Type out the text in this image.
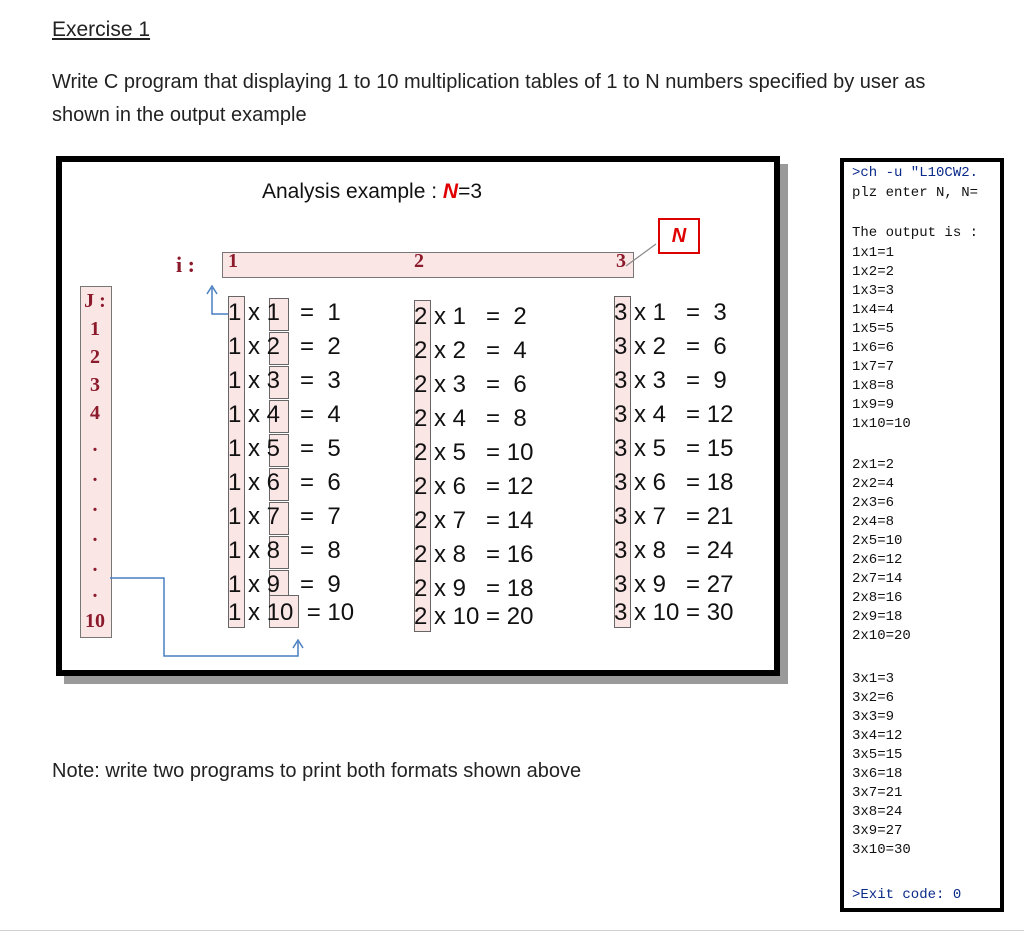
Exercise 1
Write C program that displaying 1 to 10 multiplication tables of 1 to N numbers specified by user as shown in the output example
Analysis example : N=3
N
i : 1	2	3
J :
1
2
3
4
.
.
.
.
.
.
10
1 x 1   =  1
1 x 2   =  2
1 x 3   =  3
1 x 4   =  4
1 x 5   =  5
1 x 6   =  6
1 x 7   =  7
1 x 8   =  8
1 x 9   =  9
1 x 10  = 10
2 x 1   =  2
2 x 2   =  4
2 x 3   =  6
2 x 4   =  8
2 x 5   = 10
2 x 6   = 12
2 x 7   = 14
2 x 8   = 16
2 x 9   = 18
2 x 10 = 20
3 x 1   =  3
3 x 2   =  6
3 x 3   =  9
3 x 4   = 12
3 x 5   = 15
3 x 6   = 18
3 x 7   = 21
3 x 8   = 24
3 x 9   = 27
3 x 10 = 30
Note: write two programs to print both formats shown above
>ch -u "L10CW2.
plz enter N, N=
The output is :
1x1=1
1x2=2
1x3=3
1x4=4
1x5=5
1x6=6
1x7=7
1x8=8
1x9=9
1x10=10
2x1=2
2x2=4
2x3=6
2x4=8
2x5=10
2x6=12
2x7=14
2x8=16
2x9=18
2x10=20
3x1=3
3x2=6
3x3=9
3x4=12
3x5=15
3x6=18
3x7=21
3x8=24
3x9=27
3x10=30
>Exit code: 0
